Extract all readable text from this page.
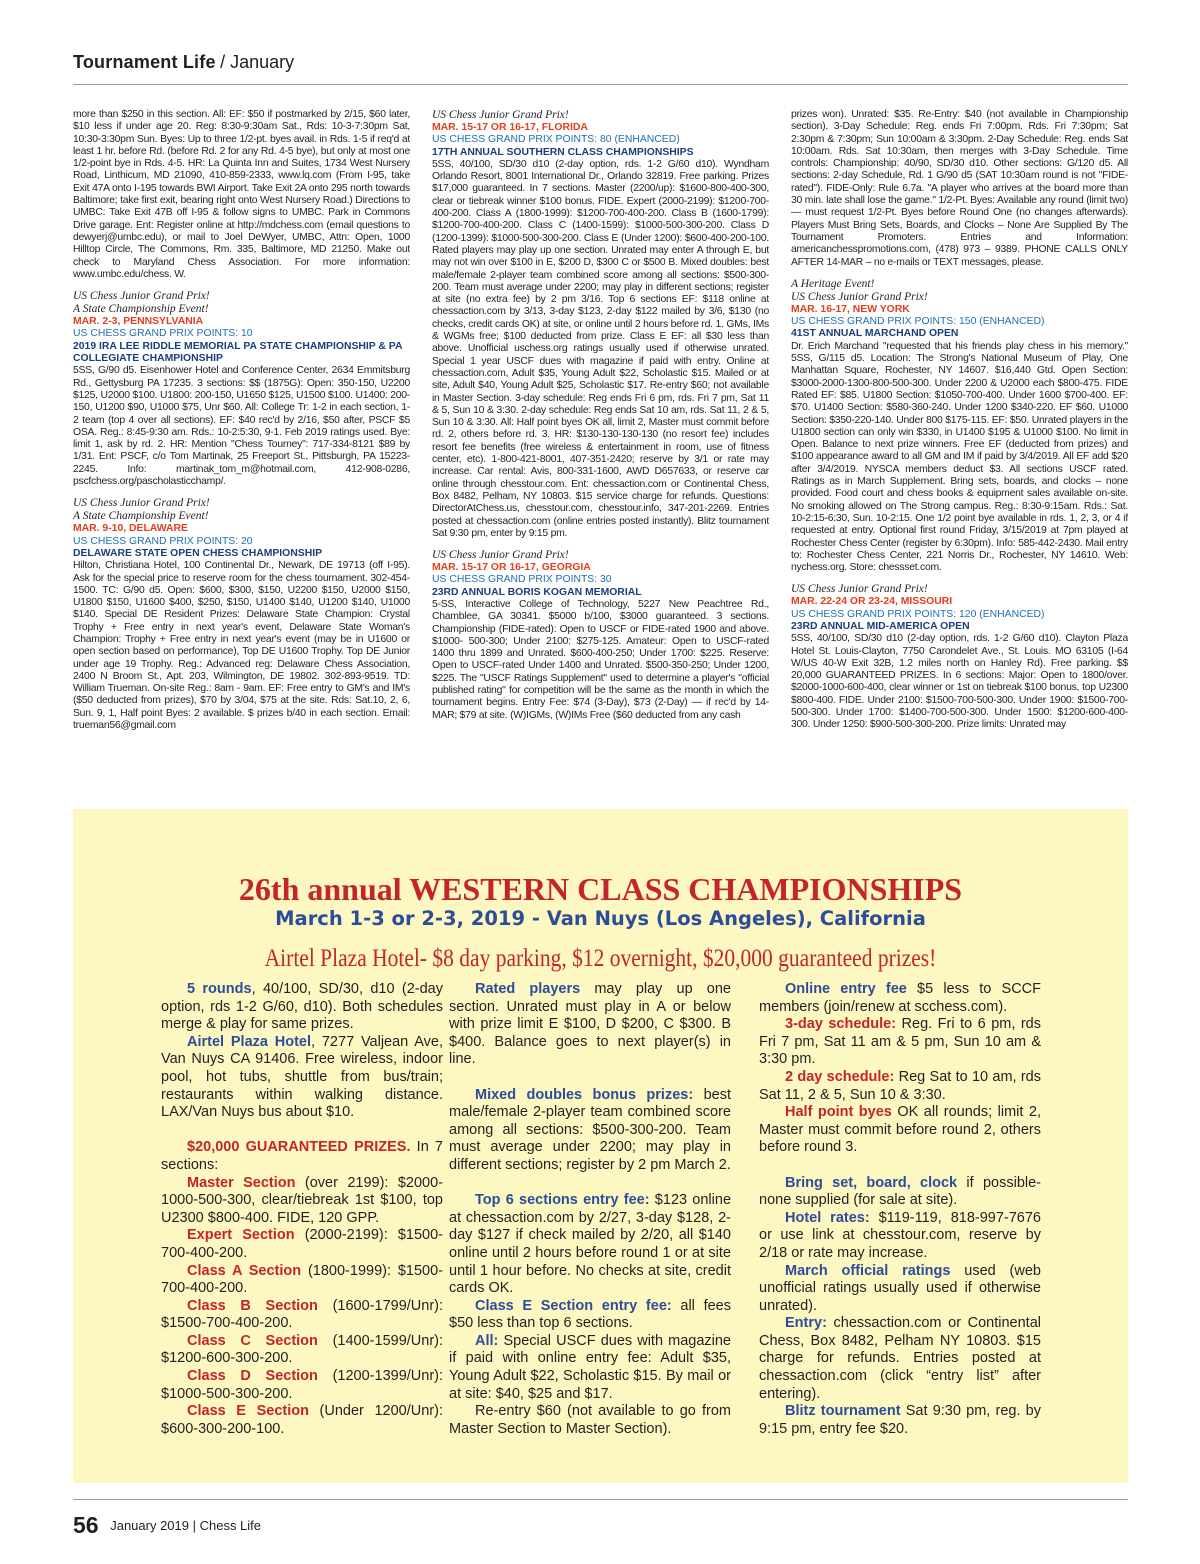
Tournament Life / January

more than $250 in this section. All: EF: $50 if postmarked by 2/15, $60 later, $10 less if under age 20. Reg: 8:30-9:30am Sat., Rds: 10-3-7:30pm Sat, 10:30-3:30pm Sun. Byes: Up to three 1/2-pt. byes avail. in Rds. 1-5 if req'd at least 1 hr. before Rd. (before Rd. 2 for any Rd. 4-5 bye), but only at most one 1/2-point bye in Rds. 4-5. HR: La Quinta Inn and Suites, 1734 West Nursery Road, Linthicum, MD 21090, 410-859-2333, www.lq.com (From I-95, take Exit 47A onto I-195 towards BWI Airport. Take Exit 2A onto 295 north towards Baltimore; take first exit, bearing right onto West Nursery Road.) Directions to UMBC: Take Exit 47B off I-95 & follow signs to UMBC. Park in Commons Drive garage. Ent: Register online at http://mdchess.com (email questions to dewyerj@umbc.edu), or mail to Joel DeWyer, UMBC, Attn: Open, 1000 Hilltop Circle, The Commons, Rm. 335, Baltimore, MD 21250. Make out check to Maryland Chess Association. For more information: www.umbc.edu/chess. W.

US Chess Junior Grand Prix!
A State Championship Event!
MAR. 2-3, PENNSYLVANIA
US CHESS GRAND PRIX POINTS: 10
2019 IRA LEE RIDDLE MEMORIAL PA STATE CHAMPIONSHIP & PA COLLEGIATE CHAMPIONSHIP

5SS, G/90 d5. Eisenhower Hotel and Conference Center, 2634 Emmitsburg Rd., Gettysburg PA 17235. 3 sections: $$ (1875G): Open: 350-150, U2200 $125, U2000 $100. U1800: 200-150, U1650 $125, U1500 $100. U1400: 200-150, U1200 $90, U1000 $75, Unr $60. All: College Tr: 1-2 in each section, 1-2 team (top 4 over all sections). EF: $40 rec'd by 2/16, $50 after, PSCF $5 OSA. Reg.: 8:45-9:30 am. Rds.: 10-2:5:30, 9-1. Feb 2019 ratings used. Bye: limit 1, ask by rd. 2. HR: Mention "Chess Tourney": 717-334-8121 $89 by 1/31. Ent: PSCF, c/o Tom Martinak, 25 Freeport St., Pittsburgh, PA 15223-2245. Info: martinak_tom_m@hotmail.com, 412-908-0286, pscfchess.org/pascholasticchamp/.

US Chess Junior Grand Prix!
A State Championship Event!
MAR. 9-10, DELAWARE
US CHESS GRAND PRIX POINTS: 20
DELAWARE STATE OPEN CHESS CHAMPIONSHIP

Hilton, Christiana Hotel, 100 Continental Dr., Newark, DE 19713 (off I-95). Ask for the special price to reserve room for the chess tournament. 302-454-1500. TC: G/90 d5. Open: $600, $300, $150, U2200 $150, U2000 $150, U1800 $150, U1600 $400, $250, $150, U1400 $140, U1200 $140, U1000 $140. Special DE Resident Prizes: Delaware State Champion: Crystal Trophy + Free entry in next year's event, Delaware State Woman's Champion: Trophy + Free entry in next year's event (may be in U1600 or open section based on performance), Top DE U1600 Trophy. Top DE Junior under age 19 Trophy. Reg.: Advanced reg: Delaware Chess Association, 2400 N Broom St., Apt. 203, Wilmington, DE 19802. 302-893-9519. TD: William Trueman. On-site Reg.: 8am - 9am. EF: Free entry to GM's and IM's ($50 deducted from prizes), $70 by 3/04, $75 at the site. Rds: Sat.10, 2, 6, Sun. 9, 1, Half point Byes: 2 available. $ prizes b/40 in each section. Email: trueman56@gmail.com

US Chess Junior Grand Prix!
MAR. 15-17 OR 16-17, FLORIDA
US CHESS GRAND PRIX POINTS: 80 (ENHANCED)
17TH ANNUAL SOUTHERN CLASS CHAMPIONSHIPS

5SS, 40/100, SD/30 d10 (2-day option, rds. 1-2 G/60 d10). Wyndham Orlando Resort, 8001 International Dr., Orlando 32819. Free parking. Prizes $17,000 guaranteed. In 7 sections. Master (2200/up): $1600-800-400-300, clear or tiebreak winner $100 bonus. FIDE. Expert (2000-2199): $1200-700-400-200. Class A (1800-1999): $1200-700-400-200. Class B (1600-1799): $1200-700-400-200. Class C (1400-1599): $1000-500-300-200. Class D (1200-1399): $1000-500-300-200. Class E (Under 1200): $600-400-200-100. Rated players may play up one section. Unrated may enter A through E, but may not win over $100 in E, $200 D, $300 C or $500 B. Mixed doubles: best male/female 2-player team combined score among all sections: $500-300-200. Team must average under 2200; may play in different sections; register at site (no extra fee) by 2 pm 3/16. Top 6 sections EF: $118 online at chessaction.com by 3/13, 3-day $123, 2-day $122 mailed by 3/6, $130 (no checks, credit cards OK) at site, or online until 2 hours before rd. 1. GMs, IMs & WGMs free; $100 deducted from prize. Class E EF: all $30 less than above. Unofficial uschess.org ratings usually used if otherwise unrated. Special 1 year USCF dues with magazine if paid with entry. Online at chessaction.com, Adult $35, Young Adult $22, Scholastic $15. Mailed or at site, Adult $40, Young Adult $25, Scholastic $17. Re-entry $60; not available in Master Section. 3-day schedule: Reg ends Fri 6 pm, rds. Fri 7 pm, Sat 11 & 5, Sun 10 & 3:30. 2-day schedule: Reg ends Sat 10 am, rds. Sat 11, 2 & 5, Sun 10 & 3:30. All: Half point byes OK all, limit 2, Master must commit before rd. 2, others before rd. 3. HR: $130-130-130-130 (no resort fee) includes resort fee benefits (free wireless & entertainment in room, use of fitness center, etc). 1-800-421-8001, 407-351-2420; reserve by 3/1 or rate may increase. Car rental: Avis, 800-331-1600, AWD D657633, or reserve car online through chesstour.com. Ent: chessaction.com or Continental Chess, Box 8482, Pelham, NY 10803. $15 service charge for refunds. Questions: DirectorAtChess.us, chesstour.com, chesstour.info, 347-201-2269. Entries posted at chessaction.com (online entries posted instantly). Blitz tournament Sat 9:30 pm, enter by 9:15 pm.

US Chess Junior Grand Prix!
MAR. 15-17 OR 16-17, GEORGIA
US CHESS GRAND PRIX POINTS: 30
23RD ANNUAL BORIS KOGAN MEMORIAL

5-SS, Interactive College of Technology, 5227 New Peachtree Rd., Chamblee, GA 30341. $5000 b/100, $3000 guaranteed. 3 sections. Championship (FIDE-rated): Open to USCF or FIDE-rated 1900 and above. $1000- 500-300; Under 2100: $275-125. Amateur: Open to USCF-rated 1400 thru 1899 and Unrated. $600-400-250; Under 1700: $225. Reserve: Open to USCF-rated Under 1400 and Unrated. $500-350-250; Under 1200, $225. The "USCF Ratings Supplement" used to determine a player's "official published rating" for competition will be the same as the month in which the tournament begins. Entry Fee: $74 (3-Day), $73 (2-Day) — if rec'd by 14-MAR; $79 at site. (W)IGMs, (W)IMs Free ($60 deducted from any cash

prizes won). Unrated: $35. Re-Entry: $40 (not available in Championship section). 3-Day Schedule: Reg. ends Fri 7:00pm. Rds. Fri 7:30pm; Sat 2:30pm & 7:30pm; Sun 10:00am & 3:30pm. 2-Day Schedule: Reg. ends Sat 10:00am. Rds. Sat 10:30am, then merges with 3-Day Schedule. Time controls: Championship: 40/90, SD/30 d10. Other sections: G/120 d5. All sections: 2-day Schedule, Rd. 1 G/90 d5 (SAT 10:30am round is not "FIDE-rated"). FIDE-Only: Rule 6.7a. "A player who arrives at the board more than 30 min. late shall lose the game." 1/2-Pt. Byes: Available any round (limit two) — must request 1/2-Pt. Byes before Round One (no changes afterwards). Players Must Bring Sets, Boards, and Clocks – None Are Supplied By The Tournament Promoters. Entries and Information: americanchesspromotions.com, (478) 973 – 9389. PHONE CALLS ONLY AFTER 14-MAR – no e-mails or TEXT messages, please.

A Heritage Event!
US Chess Junior Grand Prix!
MAR. 16-17, NEW YORK
US CHESS GRAND PRIX POINTS: 150 (ENHANCED)
41ST ANNUAL MARCHAND OPEN

Dr. Erich Marchand "requested that his friends play chess in his memory." 5SS, G/115 d5. Location: The Strong's National Museum of Play, One Manhattan Square, Rochester, NY 14607. $16,440 Gtd. Open Section: $3000-2000-1300-800-500-300. Under 2200 & U2000 each $800-475. FIDE Rated EF: $85. U1800 Section: $1050-700-400. Under 1600 $700-400. EF: $70. U1400 Section: $580-360-240. Under 1200 $340-220. EF $60. U1000 Section: $350-220-140. Under 800 $175-115. EF: $50. Unrated players in the U1800 section can only win $330, in U1400 $195 & U1000 $100. No limit in Open. Balance to next prize winners. Free EF (deducted from prizes) and $100 appearance award to all GM and IM if paid by 3/4/2019. All EF add $20 after 3/4/2019. NYSCA members deduct $3. All sections USCF rated. Ratings as in March Supplement. Bring sets, boards, and clocks – none provided. Food court and chess books & equipment sales available on-site. No smoking allowed on The Strong campus. Reg.: 8:30-9:15am. Rds.: Sat. 10-2:15-6:30, Sun. 10-2:15. One 1/2 point bye available in rds. 1, 2, 3, or 4 if requested at entry. Optional first round Friday, 3/15/2019 at 7pm played at Rochester Chess Center (register by 6:30pm). Info: 585-442-2430. Mail entry to: Rochester Chess Center, 221 Norris Dr., Rochester, NY 14610. Web: nychess.org. Store: chessset.com.

US Chess Junior Grand Prix!
MAR. 22-24 OR 23-24, MISSOURI
US CHESS GRAND PRIX POINTS: 120 (ENHANCED)
23RD ANNUAL MID-AMERICA OPEN

5SS, 40/100, SD/30 d10 (2-day option, rds. 1-2 G/60 d10). Clayton Plaza Hotel St. Louis-Clayton, 7750 Carondelet Ave., St. Louis. MO 63105 (I-64 W/US 40-W Exit 32B, 1.2 miles north on Hanley Rd). Free parking. $$ 20,000 GUARANTEED PRIZES. In 6 sections: Major: Open to 1800/over. $2000-1000-600-400, clear winner or 1st on tiebreak $100 bonus, top U2300 $800-400. FIDE. Under 2100: $1500-700-500-300. Under 1900: $1500-700-500-300. Under 1700: $1400-700-500-300. Under 1500: $1200-600-400-300. Under 1250: $900-500-300-200. Prize limits: Unrated may

26th annual WESTERN CLASS CHAMPIONSHIPS
March 1-3 or 2-3, 2019 - Van Nuys (Los Angeles), California
Airtel Plaza Hotel- $8 day parking, $12 overnight, $20,000 guaranteed prizes!

5 rounds, 40/100, SD/30, d10 (2-day option, rds 1-2 G/60, d10). Both schedules merge & play for same prizes.

Airtel Plaza Hotel, 7277 Valjean Ave, Van Nuys CA 91406. Free wireless, indoor pool, hot tubs, shuttle from bus/train; restaurants within walking distance. LAX/Van Nuys bus about $10.

$20,000 GUARANTEED PRIZES. In 7 sections:

Master Section (over 2199): $2000-1000-500-300, clear/tiebreak 1st $100, top U2300 $800-400. FIDE, 120 GPP.

Expert Section (2000-2199): $1500-700-400-200.

Class A Section (1800-1999): $1500-700-400-200.

Class B Section (1600-1799/Unr): $1500-700-400-200.

Class C Section (1400-1599/Unr): $1200-600-300-200.

Class D Section (1200-1399/Unr): $1000-500-300-200.

Class E Section (Under 1200/Unr): $600-300-200-100.

Rated players may play up one section. Unrated must play in A or below with prize limit E $100, D $200, C $300. B $400. Balance goes to next player(s) in line.

Mixed doubles bonus prizes: best male/female 2-player team combined score among all sections: $500-300-200. Team must average under 2200; may play in different sections; register by 2 pm March 2.

Top 6 sections entry fee: $123 online at chessaction.com by 2/27, 3-day $128, 2-day $127 if check mailed by 2/20, all $140 online until 2 hours before round 1 or at site until 1 hour before. No checks at site, credit cards OK.

Class E Section entry fee: all fees $50 less than top 6 sections.

All: Special USCF dues with magazine if paid with online entry fee: Adult $35, Young Adult $22, Scholastic $15. By mail or at site: $40, $25 and $17.

Re-entry $60 (not available to go from Master Section to Master Section).

Online entry fee $5 less to SCCF members (join/renew at scchess.com).

3-day schedule: Reg. Fri to 6 pm, rds Fri 7 pm, Sat 11 am & 5 pm, Sun 10 am & 3:30 pm.

2 day schedule: Reg Sat to 10 am, rds Sat 11, 2 & 5, Sun 10 & 3:30.

Half point byes OK all rounds; limit 2, Master must commit before round 2, others before round 3.

Bring set, board, clock if possible-none supplied (for sale at site).

Hotel rates: $119-119, 818-997-7676 or use link at chesstour.com, reserve by 2/18 or rate may increase.

March official ratings used (web unofficial ratings usually used if otherwise unrated).

Entry: chessaction.com or Continental Chess, Box 8482, Pelham NY 10803. $15 charge for refunds. Entries posted at chessaction.com (click “entry list” after entering).

Blitz tournament Sat 9:30 pm, reg. by 9:15 pm, entry fee $20.

56 January 2019 | Chess Life
